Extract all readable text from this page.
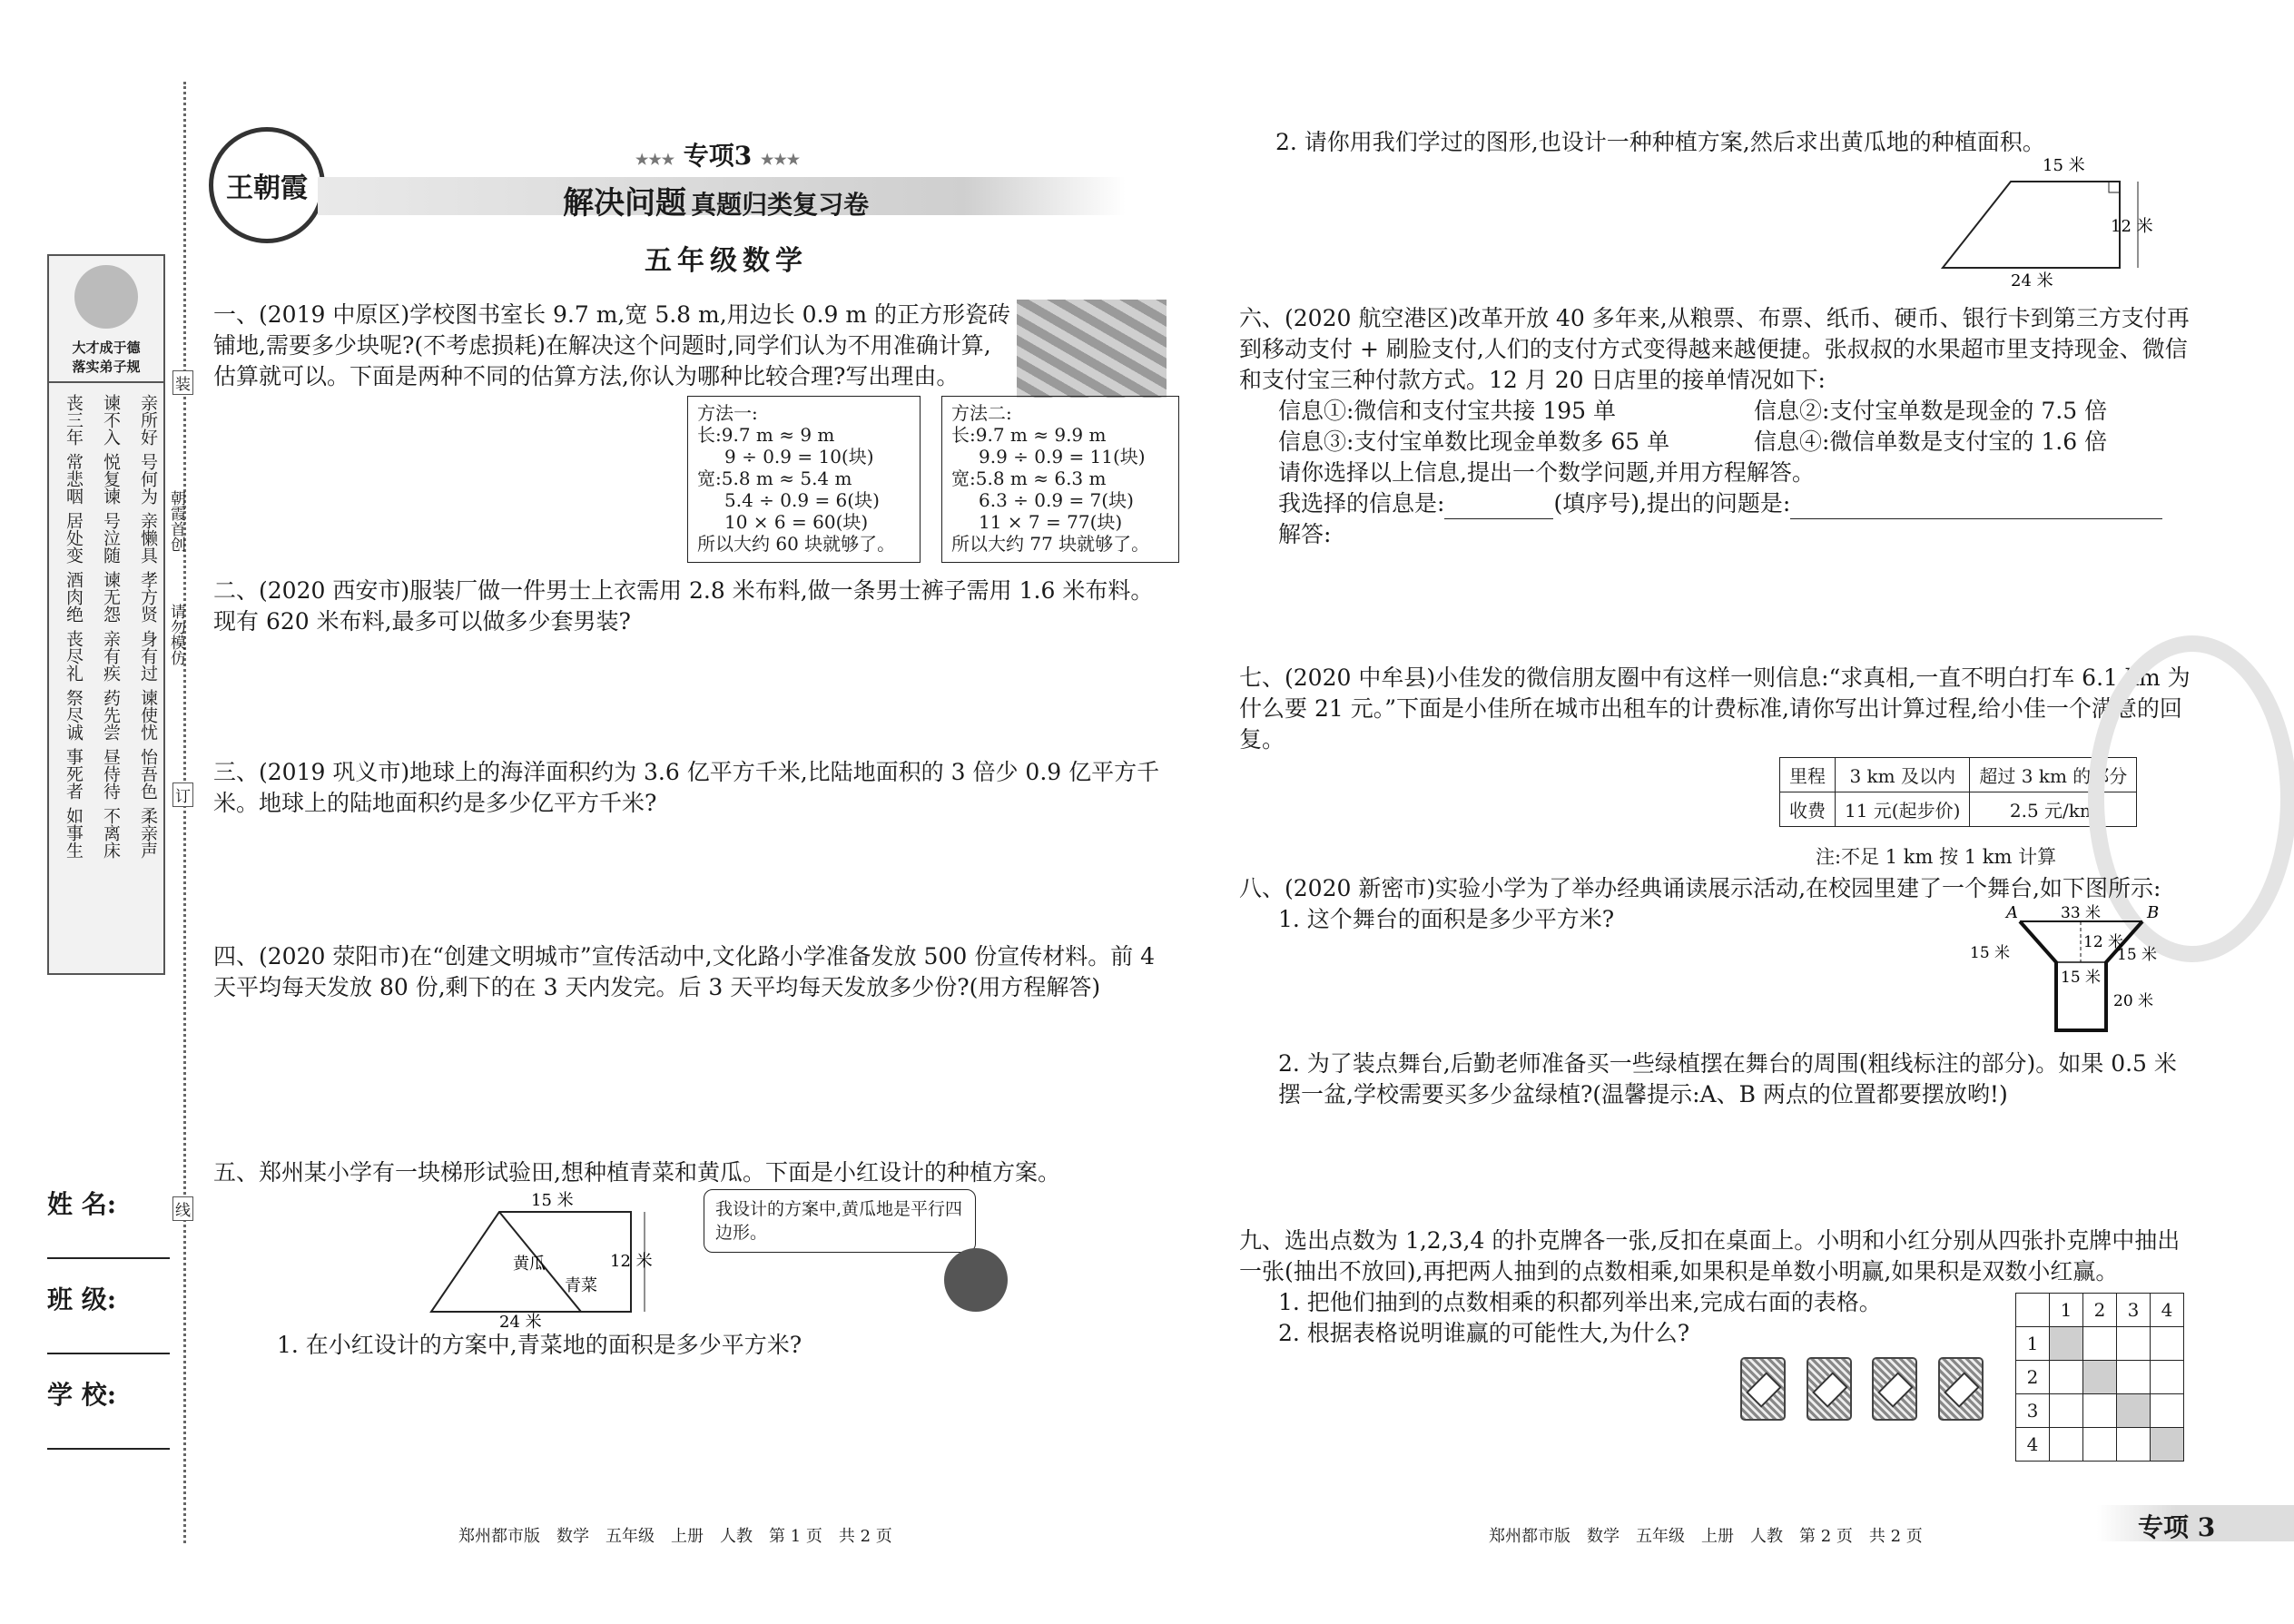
王朝霞
★★★ 专项3 ★★★
解决问题 真题归类复习卷
五年级数学
大才成于德
落实弟子规
丧三年	谏不入	亲所好
常悲咽	悦复谏	号何为
居处变	号泣随	亲懒具
酒肉绝	谏无怨	孝方贤
丧尽礼	亲有疾	身有过
祭尽诚	药先尝	谏使忧
事死者	昼侍待	怡吾色
如事生	不离床	柔亲声
朝霞首创
请勿模仿
装
订
线
姓 名:
班 级:
学 校:

一、(2019 中原区)学校图书室长 9.7 m,宽 5.8 m,用边长 0.9 m 的正方形瓷砖铺地,需要多少块呢?(不考虑损耗)在解决这个问题时,同学们认为不用准确计算,估算就可以。下面是两种不同的估算方法,你认为哪种比较合理?写出理由。

方法一:
长:9.7 m ≈ 9 m
9 ÷ 0.9 = 10(块)
宽:5.8 m ≈ 5.4 m
5.4 ÷ 0.9 = 6(块)
10 × 6 = 60(块)
所以大约 60 块就够了。
方法二:
长:9.7 m ≈ 9.9 m
9.9 ÷ 0.9 = 11(块)
宽:5.8 m ≈ 6.3 m
6.3 ÷ 0.9 = 7(块)
11 × 7 = 77(块)
所以大约 77 块就够了。

二、(2020 西安市)服装厂做一件男士上衣需用 2.8 米布料,做一条男士裤子需用 1.6 米布料。现有 620 米布料,最多可以做多少套男装?

三、(2019 巩义市)地球上的海洋面积约为 3.6 亿平方千米,比陆地面积的 3 倍少 0.9 亿平方千米。地球上的陆地面积约是多少亿平方千米?

四、(2020 荥阳市)在“创建文明城市”宣传活动中,文化路小学准备发放 500 份宣传材料。前 4 天平均每天发放 80 份,剩下的在 3 天内发完。后 3 天平均每天发放多少份?(用方程解答)

五、郑州某小学有一块梯形试验田,想种植青菜和黄瓜。下面是小红设计的种植方案。

15 米
24 米
12 米
黄瓜
青菜
我设计的方案中,黄瓜地是平行四边形。

1. 在小红设计的方案中,青菜地的面积是多少平方米?

郑州都市版　数学　五年级　上册　人教　第 1 页　共 2 页

2. 请你用我们学过的图形,也设计一种种植方案,然后求出黄瓜地的种植面积。

15 米
24 米
12 米

六、(2020 航空港区)改革开放 40 多年来,从粮票、布票、纸币、硬币、银行卡到第三方支付再到移动支付 + 刷脸支付,人们的支付方式变得越来越便捷。张叔叔的水果超市里支持现金、微信和支付宝三种付款方式。12 月 20 日店里的接单情况如下:

信息①:微信和支付宝共接 195 单	信息②:支付宝单数是现金的 7.5 倍
信息③:支付宝单数比现金单数多 65 单	信息④:微信单数是支付宝的 1.6 倍
请你选择以上信息,提出一个数学问题,并用方程解答。
我选择的信息是:	(填序号),提出的问题是:
解答:

七、(2020 中牟县)小佳发的微信朋友圈中有这样一则信息:“求真相,一直不明白打车 6.1 km 为什么要 21 元。”下面是小佳所在城市出租车的计费标准,请你写出计算过程,给小佳一个满意的回复。

里程	3 km 及以内	超过 3 km 的部分
收费	11 元(起步价)	2.5 元/km
注:不足 1 km 按 1 km 计算

八、(2020 新密市)实验小学为了举办经典诵读展示活动,在校园里建了一个舞台,如下图所示:

1. 这个舞台的面积是多少平方米?	A	B
33 米
12 米
15 米	15 米
15 米
20 米

2. 为了装点舞台,后勤老师准备买一些绿植摆在舞台的周围(粗线标注的部分)。如果 0.5 米摆一盆,学校需要买多少盆绿植?(温馨提示:A、B 两点的位置都要摆放哟!)

九、选出点数为 1,2,3,4 的扑克牌各一张,反扣在桌面上。小明和小红分别从四张扑克牌中抽出一张(抽出不放回),再把两人抽到的点数相乘,如果积是单数小明赢,如果积是双数小红赢。

1. 把他们抽到的点数相乘的积都列举出来,完成右面的表格。
2. 根据表格说明谁赢的可能性大,为什么?
	1	2	3	4
1				
2				
3				
4				
郑州都市版　数学　五年级　上册　人教　第 2 页　共 2 页	专项 3
